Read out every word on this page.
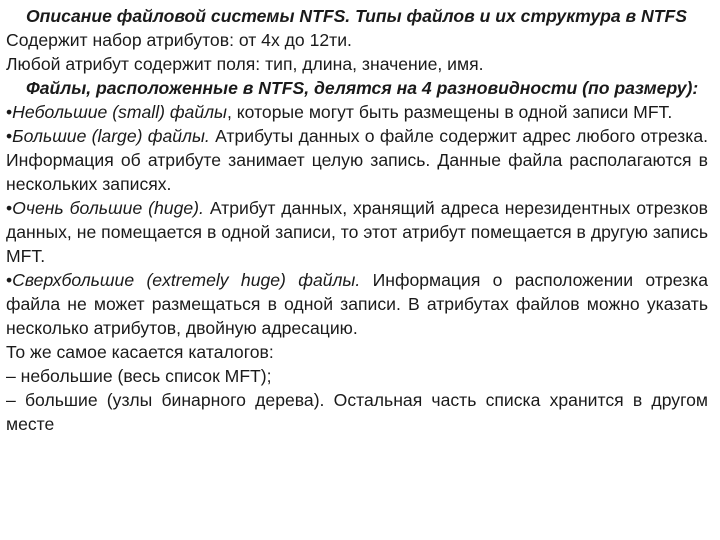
Описание файловой системы NTFS. Типы файлов и их структура в NTFS

Содержит набор атрибутов: от 4х до 12ти.

Любой атрибут содержит поля: тип, длина, значение, имя.

Файлы, расположенные в NTFS, делятся на 4 разновидности (по размеру):

•Небольшие (small) файлы, которые могут быть размещены в одной записи MFT.

•Большие (large) файлы. Атрибуты данных о файле содержит адрес любого отрезка. Информация об атрибуте занимает целую запись. Данные файла располагаются в нескольких записях.

•Очень большие (huge). Атрибут данных, хранящий адреса нерезидентных отрезков данных, не помещается в одной записи, то этот атрибут помещается в другую запись MFT.

•Сверхбольшие (extremely huge) файлы. Информация о расположении отрезка файла не может размещаться в одной записи. В атрибутах файлов можно указать несколько атрибутов, двойную адресацию.

То же самое касается каталогов:

– небольшие (весь список MFT);

– большие (узлы бинарного дерева). Остальная часть списка хранится в другом месте
